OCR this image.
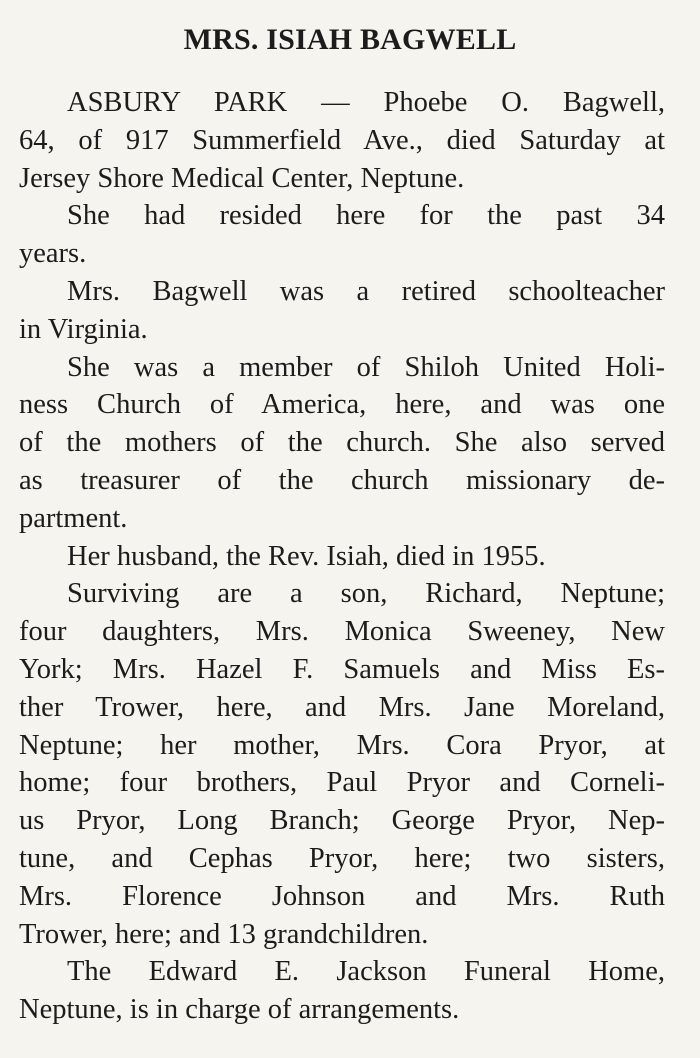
MRS. ISIAH BAGWELL
ASBURY PARK — Phoebe O. Bagwell,
64, of 917 Summerfield Ave., died Saturday at
Jersey Shore Medical Center, Neptune.
She had resided here for the past 34
years.
Mrs. Bagwell was a retired schoolteacher
in Virginia.
She was a member of Shiloh United Holi-
ness Church of America, here, and was one
of the mothers of the church. She also served
as treasurer of the church missionary de-
partment.
Her husband, the Rev. Isiah, died in 1955.
Surviving are a son, Richard, Neptune;
four daughters, Mrs. Monica Sweeney, New
York; Mrs. Hazel F. Samuels and Miss Es-
ther Trower, here, and Mrs. Jane Moreland,
Neptune; her mother, Mrs. Cora Pryor, at
home; four brothers, Paul Pryor and Corneli-
us Pryor, Long Branch; George Pryor, Nep-
tune, and Cephas Pryor, here; two sisters,
Mrs. Florence Johnson and Mrs. Ruth
Trower, here; and 13 grandchildren.
The Edward E. Jackson Funeral Home,
Neptune, is in charge of arrangements.
